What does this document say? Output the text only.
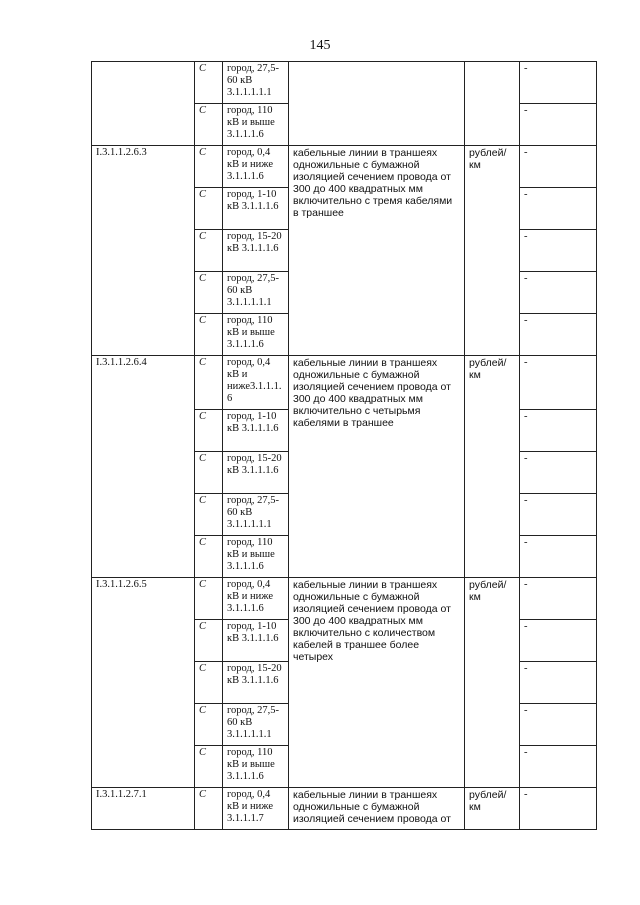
145
	С	город, 27,5-60 кВ 3.1.1.1.1.1			-
	С	город, 110 кВ и выше 3.1.1.1.6			-
I.3.1.1.2.6.3	С	город, 0,4 кВ и ниже 3.1.1.1.6	кабельные линии в траншеях одножильные с бумажной изоляцией сечением провода от 300 до 400 квадратных мм включительно с тремя кабелями в траншее	рублей/км	-
	С	город, 1-10 кВ 3.1.1.1.6			-
	С	город, 15-20 кВ 3.1.1.1.6			-
	С	город, 27,5-60 кВ 3.1.1.1.1.1			-
	С	город, 110 кВ и выше 3.1.1.1.6			-
I.3.1.1.2.6.4	С	город, 0,4 кВ и ниже3.1.1.1.6	кабельные линии в траншеях одножильные с бумажной изоляцией сечением провода от 300 до 400 квадратных мм включительно с четырьмя кабелями в траншее	рублей/км	-
	С	город, 1-10 кВ 3.1.1.1.6			-
	С	город, 15-20 кВ 3.1.1.1.6			-
	С	город, 27,5-60 кВ 3.1.1.1.1.1			-
	С	город, 110 кВ и выше 3.1.1.1.6			-
I.3.1.1.2.6.5	С	город, 0,4 кВ и ниже 3.1.1.1.6	кабельные линии в траншеях одножильные с бумажной изоляцией сечением провода от 300 до 400 квадратных мм включительно с количеством кабелей в траншее более четырех	рублей/км	-
	С	город, 1-10 кВ 3.1.1.1.6			-
	С	город, 15-20 кВ 3.1.1.1.6			-
	С	город, 27,5-60 кВ 3.1.1.1.1.1			-
	С	город, 110 кВ и выше 3.1.1.1.6			-
I.3.1.1.2.7.1	С	город, 0,4 кВ и ниже 3.1.1.1.7	кабельные линии в траншеях одножильные с бумажной изоляцией сечением провода от	рублей/км	-
